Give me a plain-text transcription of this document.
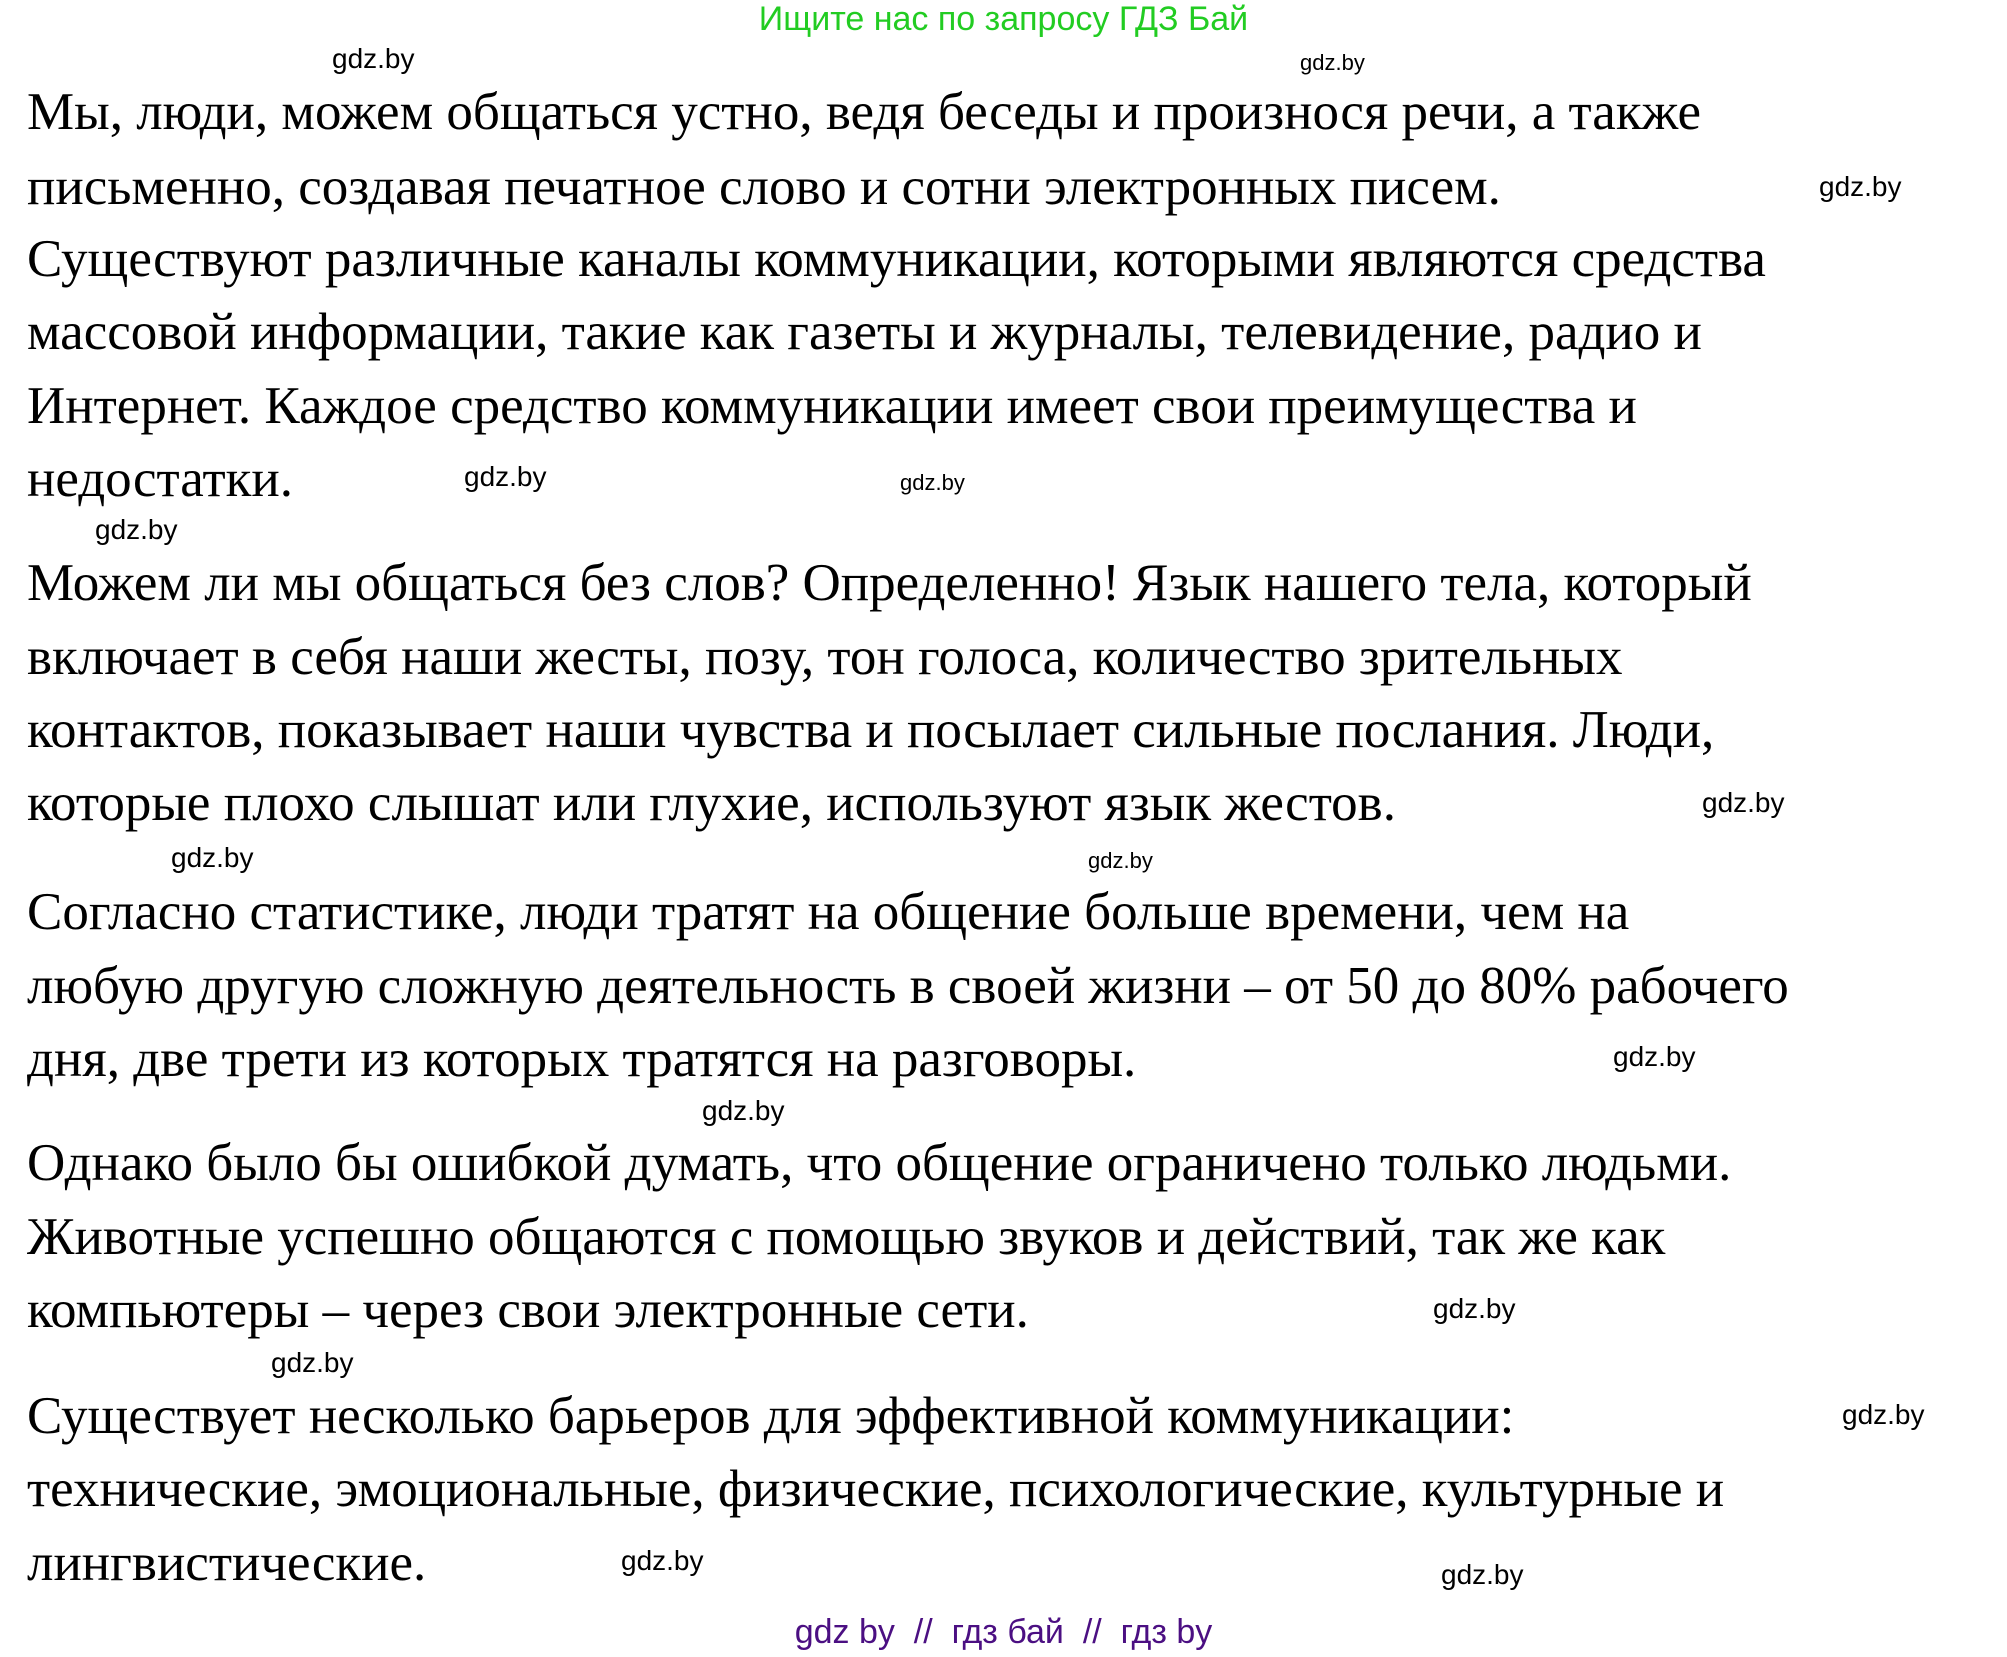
Ищите нас по запросу ГДЗ Бай
Мы, люди, можем общаться устно, ведя беседы и произнося речи, а также
письменно, создавая печатное слово и сотни электронных писем.
Существуют различные каналы коммуникации, которыми являются средства
массовой информации, такие как газеты и журналы, телевидение, радио и
Интернет. Каждое средство коммуникации имеет свои преимущества и
недостатки.
Можем ли мы общаться без слов? Определенно! Язык нашего тела, который
включает в себя наши жесты, позу, тон голоса, количество зрительных
контактов, показывает наши чувства и посылает сильные послания. Люди,
которые плохо слышат или глухие, используют язык жестов.
Согласно статистике, люди тратят на общение больше времени, чем на
любую другую сложную деятельность в своей жизни – от 50 до 80% рабочего
дня, две трети из которых тратятся на разговоры.
Однако было бы ошибкой думать, что общение ограничено только людьми.
Животные успешно общаются с помощью звуков и действий, так же как
компьютеры – через свои электронные сети.
Существует несколько барьеров для эффективной коммуникации:
технические, эмоциональные, физические, психологические, культурные и
лингвистические.
gdz.by	gdz.by
gdz.by
gdz.by
gdz.by
gdz.by
gdz.by
gdz.by
gdz.by
gdz.by
gdz.by
gdz.by
gdz.by
gdz.by
gdz.by	gdz.by
gdz by  //  гдз бай  //  гдз by
